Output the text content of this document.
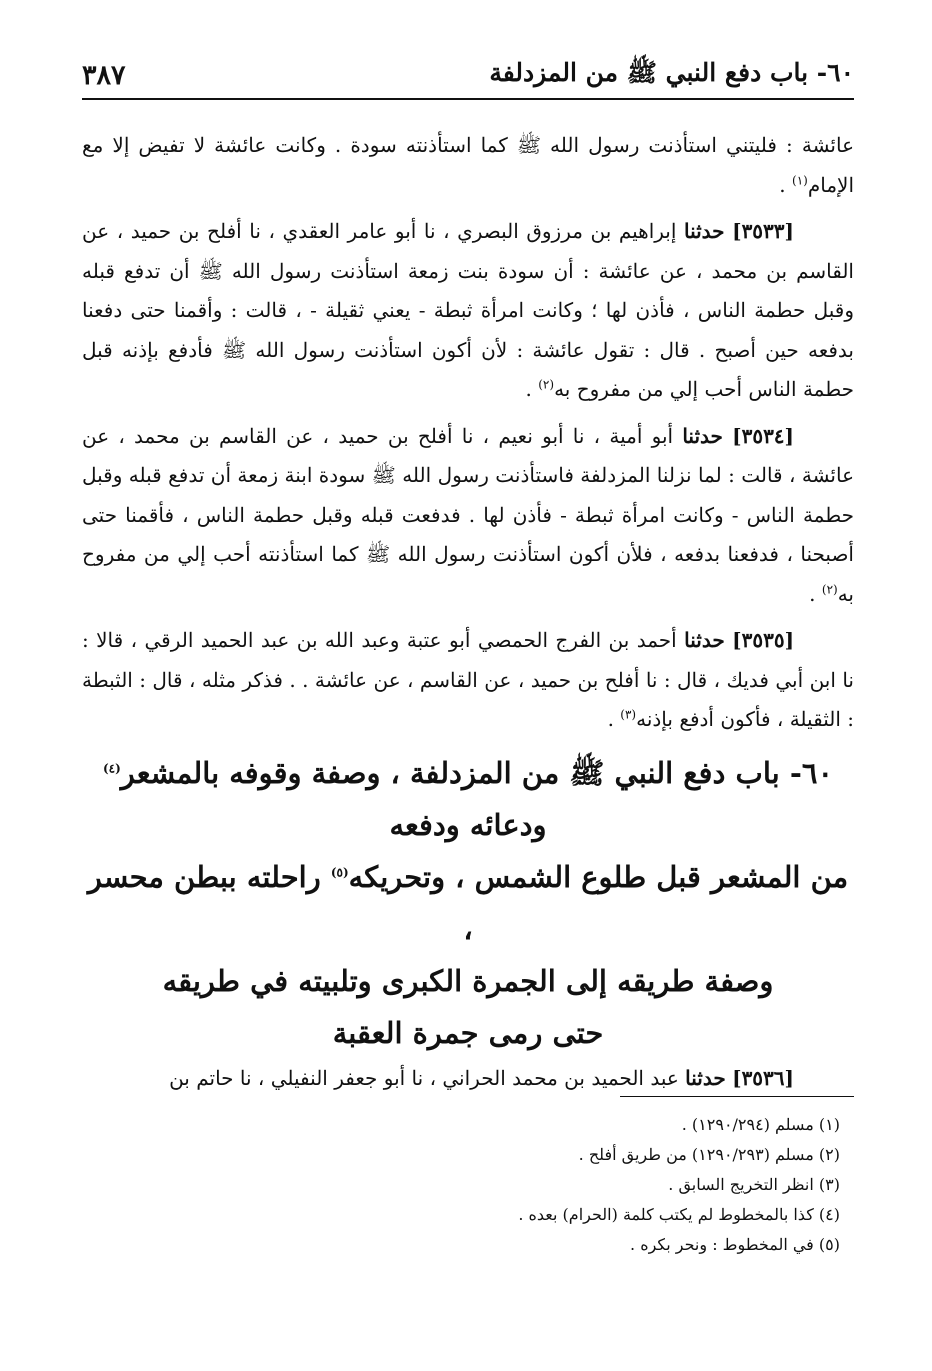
٦٠- باب دفع النبي ﷺ من المزدلفة
٣٨٧

عائشة : فليتني استأذنت رسول الله ﷺ كما استأذنته سودة . وكانت عائشة لا تفيض إلا مع الإمام$^{(١)}$ .

[٣٥٣٣] حدثنا إبراهيم بن مرزوق البصري ، نا أبو عامر العقدي ، نا أفلح بن حميد ، عن القاسم بن محمد ، عن عائشة : أن سودة بنت زمعة استأذنت رسول الله ﷺ أن تدفع قبله وقبل حطمة الناس ، فأذن لها ؛ وكانت امرأة ثبطة - يعني ثقيلة - ، قالت : وأقمنا حتى دفعنا بدفعه حين أصبح . قال : تقول عائشة : لأن أكون استأذنت رسول الله ﷺ فأدفع بإذنه قبل حطمة الناس أحب إلي من مفروح به$^{(٢)}$ .

[٣٥٣٤] حدثنا أبو أمية ، نا أبو نعيم ، نا أفلح بن حميد ، عن القاسم بن محمد ، عن عائشة ، قالت : لما نزلنا المزدلفة فاستأذنت رسول الله ﷺ سودة ابنة زمعة أن تدفع قبله وقبل حطمة الناس - وكانت امرأة ثبطة - فأذن لها . فدفعت قبله وقبل حطمة الناس ، فأقمنا حتى أصبحنا ، فدفعنا بدفعه ، فلأن أكون استأذنت رسول الله ﷺ كما استأذنته أحب إلي من مفروح به$^{(٢)}$ .

[٣٥٣٥] حدثنا أحمد بن الفرج الحمصي أبو عتبة وعبد الله بن عبد الحميد الرقي ، قالا : نا ابن أبي فديك ، قال : نا أفلح بن حميد ، عن القاسم ، عن عائشة . . فذكر مثله ، قال : الثبطة : الثقيلة ، فأكون أدفع بإذنه$^{(٣)}$ .

٦٠- باب دفع النبي ﷺ من المزدلفة ، وصفة وقوفه بالمشعر$^{(٤)}$ ودعائه ودفعه
من المشعر قبل طلوع الشمس ، وتحريكه$^{(٥)}$ راحلته ببطن محسر ،
وصفة طريقه إلى الجمرة الكبرى وتلبيته في طريقه
حتى رمى جمرة العقبة

[٣٥٣٦] حدثنا عبد الحميد بن محمد الحراني ، نا أبو جعفر النفيلي ، نا حاتم بن

(١) مسلم (١٢٩٠/٢٩٤) .
(٢) مسلم (١٢٩٠/٢٩٣) من طريق أفلح .
(٣) انظر التخريج السابق .
(٤) كذا بالمخطوط لم يكتب كلمة (الحرام) بعده .
(٥) في المخطوط : ونحر بكره .
